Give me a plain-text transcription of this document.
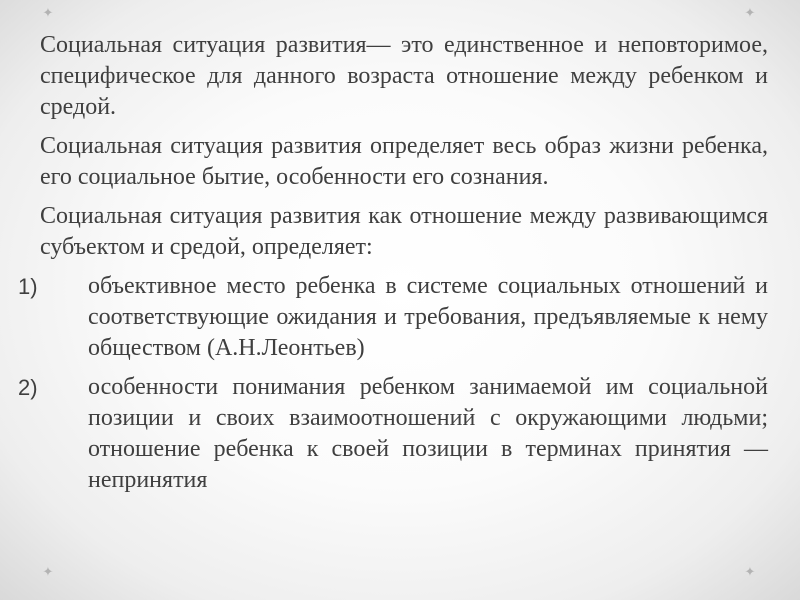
✦	✦
✦	✦

Социальная ситуация развития— это единственное и неповторимое, специфическое для данного возраста отношение между ребенком и средой.

Социальная ситуация развития определяет весь образ жизни ребенка, его социальное бытие, особенности его сознания.

Социальная ситуация развития как отношение между развивающимся субъектом и средой, определяет:

1) объективное место ребенка в системе социальных отношений и соответствующие ожидания и требования, предъявляемые к нему обществом (А.Н.Леонтьев)
2) особенности понимания ребенком занимаемой им социальной позиции и своих взаимоотношений с окружающими людьми; отношение ребенка к своей позиции в терминах принятия — непринятия
